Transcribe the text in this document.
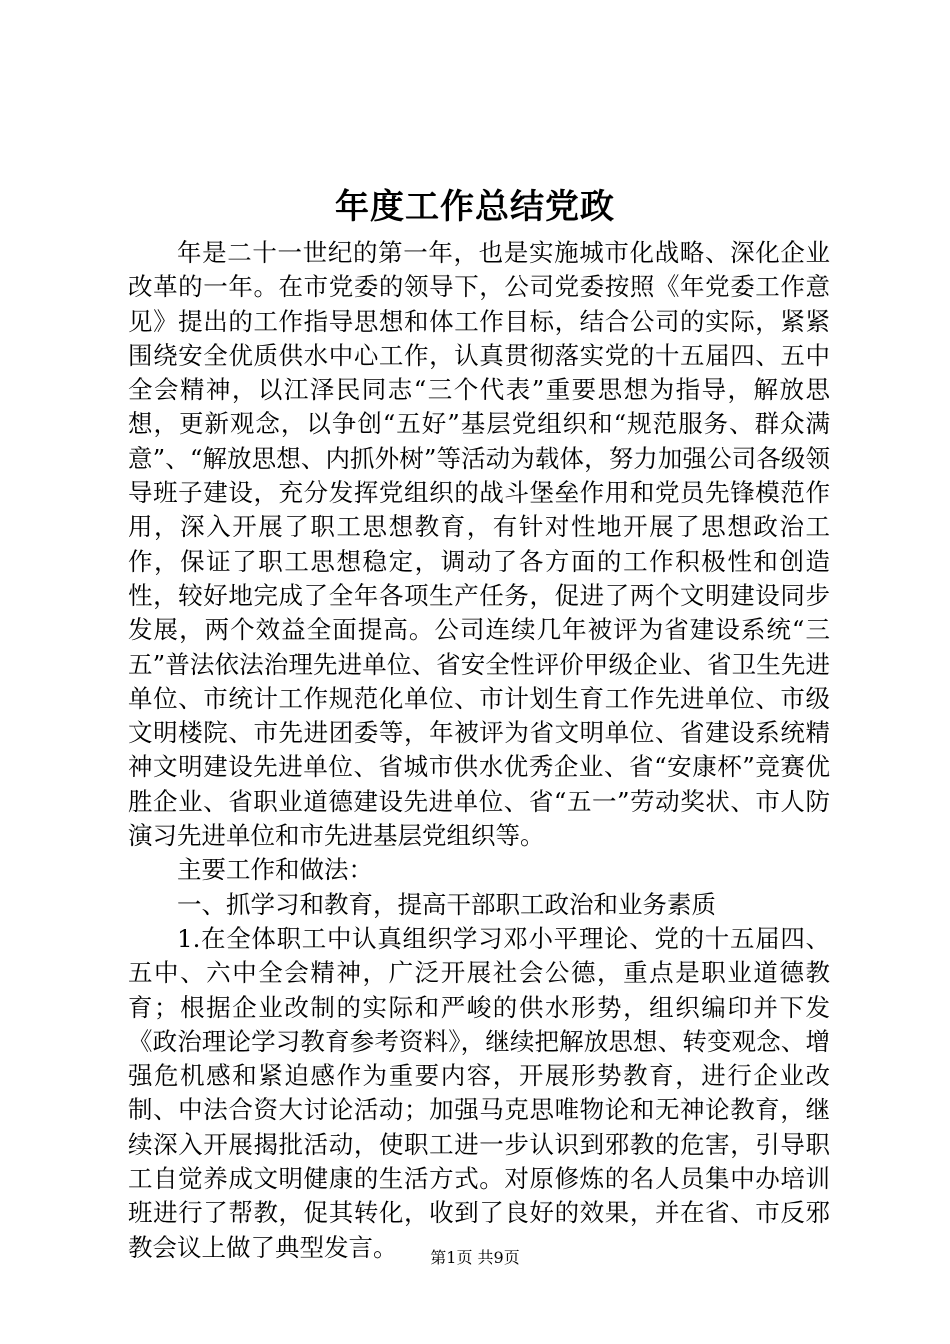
年度工作总结党政

年是二十一世纪的第一年，也是实施城市化战略、深化企业改革的一年。在市党委的领导下，公司党委按照《年党委工作意见》提出的工作指导思想和体工作目标，结合公司的实际，紧紧围绕安全优质供水中心工作，认真贯彻落实党的十五届四、五中全会精神，以江泽民同志“三个代表”重要思想为指导，解放思想，更新观念，以争创“五好”基层党组织和“规范服务、群众满意”、“解放思想、内抓外树”等活动为载体，努力加强公司各级领导班子建设，充分发挥党组织的战斗堡垒作用和党员先锋模范作用，深入开展了职工思想教育，有针对性地开展了思想政治工作，保证了职工思想稳定，调动了各方面的工作积极性和创造性，较好地完成了全年各项生产任务，促进了两个文明建设同步发展，两个效益全面提高。公司连续几年被评为省建设系统“三五”普法依法治理先进单位、省安全性评价甲级企业、省卫生先进单位、市统计工作规范化单位、市计划生育工作先进单位、市级文明楼院、市先进团委等，年被评为省文明单位、省建设系统精神文明建设先进单位、省城市供水优秀企业、省“安康杯”竞赛优胜企业、省职业道德建设先进单位、省“五一”劳动奖状、市人防演习先进单位和市先进基层党组织等。

主要工作和做法：

一、抓学习和教育，提高干部职工政治和业务素质

1.在全体职工中认真组织学习邓小平理论、党的十五届四、五中、六中全会精神，广泛开展社会公德，重点是职业道德教育；根据企业改制的实际和严峻的供水形势，组织编印并下发《政治理论学习教育参考资料》，继续把解放思想、转变观念、增强危机感和紧迫感作为重要内容，开展形势教育，进行企业改制、中法合资大讨论活动；加强马克思唯物论和无神论教育，继续深入开展揭批活动，使职工进一步认识到邪教的危害，引导职工自觉养成文明健康的生活方式。对原修炼的名人员集中办培训班进行了帮教，促其转化，收到了良好的效果，并在省、市反邪教会议上做了典型发言。	第1页 共9页
